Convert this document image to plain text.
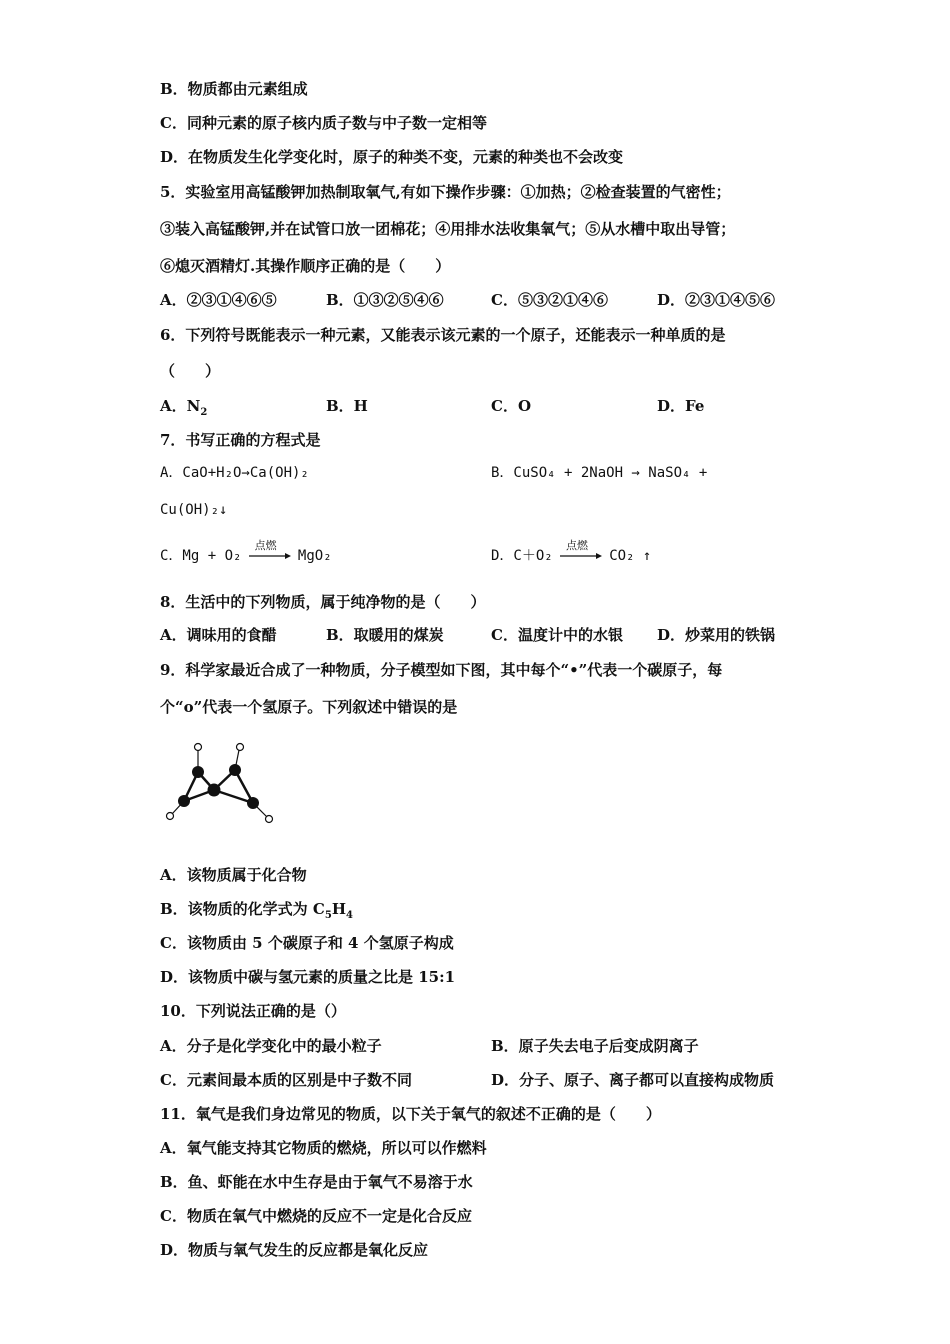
B．物质都由元素组成
C．同种元素的原子核内质子数与中子数一定相等
D．在物质发生化学变化时，原子的种类不变，元素的种类也不会改变
5．实验室用高锰酸钾加热制取氧气,有如下操作步骤：①加热；②检查装置的气密性；
③装入高锰酸钾,并在试管口放一团棉花；④用排水法收集氧气；⑤从水槽中取出导管；
⑥熄灭酒精灯.其操作顺序正确的是（　　）
A．②③①④⑥⑤	B．①③②⑤④⑥	C．⑤③②①④⑥	D．②③①④⑤⑥
6．下列符号既能表示一种元素，又能表示该元素的一个原子，还能表示一种单质的是
（　　）
A．$N_2$	B．H	C．O	D．Fe
7．书写正确的方程式是
A．CaO+H₂O→Ca(OH)₂	B．CuSO₄ + 2NaOH → NaSO₄ +
Cu(OH)₂↓
C．Mg + O₂
点燃
MgO₂	D．C＋O₂
点燃
CO₂ ↑
8．生活中的下列物质，属于纯净物的是（　　）
A．调味用的食醋	B．取暖用的煤炭	C．温度计中的水银 D．炒菜用的铁锅
9．科学家最近合成了一种物质，分子模型如下图，其中每个“•”代表一个碳原子，每
个“o”代表一个氢原子。下列叙述中错误的是
A．该物质属于化合物
B．该物质的化学式为 $C_5H_4$
C．该物质由 5 个碳原子和 4 个氢原子构成
D．该物质中碳与氢元素的质量之比是 15:1
10．下列说法正确的是（）
A．分子是化学变化中的最小粒子	B．原子失去电子后变成阴离子
C．元素间最本质的区别是中子数不同	D．分子、原子、离子都可以直接构成物质
11．氧气是我们身边常见的物质，以下关于氧气的叙述不正确的是（　　）
A．氧气能支持其它物质的燃烧，所以可以作燃料
B．鱼、虾能在水中生存是由于氧气不易溶于水
C．物质在氧气中燃烧的反应不一定是化合反应
D．物质与氧气发生的反应都是氧化反应
